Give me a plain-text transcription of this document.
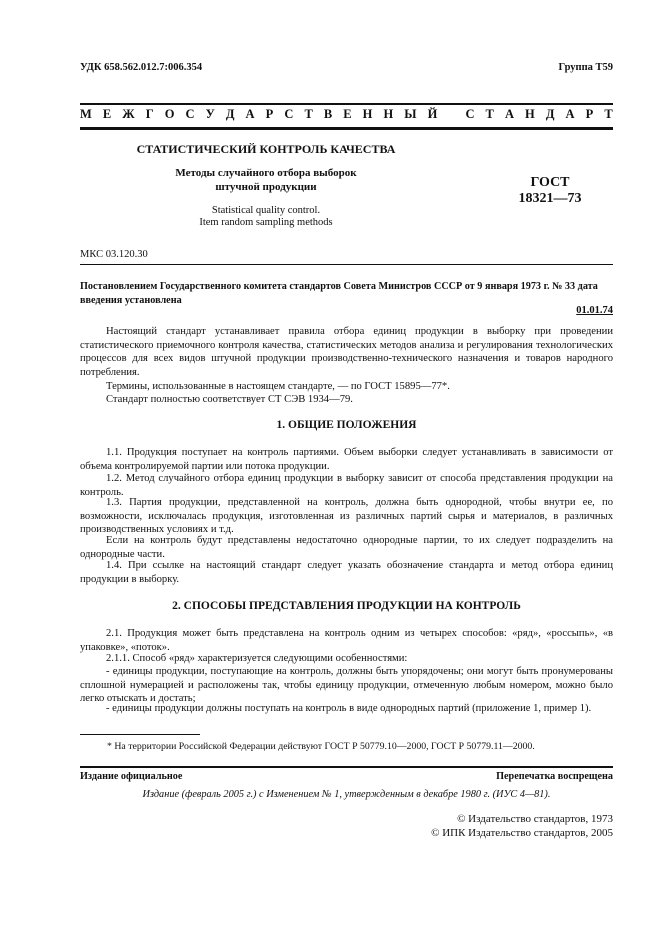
УДК 658.562.012.7:006.354	Группа Т59
М Е Ж Г О С У Д А Р С Т В Е Н Н Ы Й С Т А Н Д А Р Т
СТАТИСТИЧЕСКИЙ КОНТРОЛЬ КАЧЕСТВА
Методы случайного отбора выборок
штучной продукции
Statistical quality control.
Item random sampling methods
ГОСТ
18321—73
МКС 03.120.30

Постановлением Государственного комитета стандартов Совета Министров СССР от 9 января 1973 г. № 33 дата введения установлена

01.01.74

Настоящий стандарт устанавливает правила отбора единиц продукции в выборку при проведении статистического приемочного контроля качества, статистических методов анализа и регулирования технологических процессов для всех видов штучной продукции производственно-технического назначения и товаров народного потребления.

Термины, использованные в настоящем стандарте, — по ГОСТ 15895—77*.

Стандарт полностью соответствует СТ СЭВ 1934—79.

1. ОБЩИЕ ПОЛОЖЕНИЯ

1.1. Продукция поступает на контроль партиями. Объем выборки следует устанавливать в зависимости от объема контролируемой партии или потока продукции.

1.2. Метод случайного отбора единиц продукции в выборку зависит от способа представления продукции на контроль.

1.3. Партия продукции, представленной на контроль, должна быть однородной, чтобы внутри ее, по возможности, исключалась продукция, изготовленная из различных партий сырья и материалов, в различных производственных условиях и т.д.

Если на контроль будут представлены недостаточно однородные партии, то их следует подразделить на однородные части.

1.4. При ссылке на настоящий стандарт следует указать обозначение стандарта и метод отбора единиц продукции в выборку.

2. СПОСОБЫ ПРЕДСТАВЛЕНИЯ ПРОДУКЦИИ НА КОНТРОЛЬ

2.1. Продукция может быть представлена на контроль одним из четырех способов: «ряд», «россыпь», «в упаковке», «поток».

2.1.1. Способ «ряд» характеризуется следующими особенностями:

- единицы продукции, поступающие на контроль, должны быть упорядочены; они могут быть пронумерованы сплошной нумерацией и расположены так, чтобы единицу продукции, отмеченную любым номером, можно было легко отыскать и достать;

- единицы продукции должны поступать на контроль в виде однородных партий (приложение 1, пример 1).

* На территории Российской Федерации действуют ГОСТ Р 50779.10—2000, ГОСТ Р 50779.11—2000.
Издание официальное	Перепечатка воспрещена
Издание (февраль 2005 г.) с Изменением № 1, утвержденным в декабре 1980 г. (ИУС 4—81).
© Издательство стандартов, 1973
© ИПК Издательство стандартов, 2005
